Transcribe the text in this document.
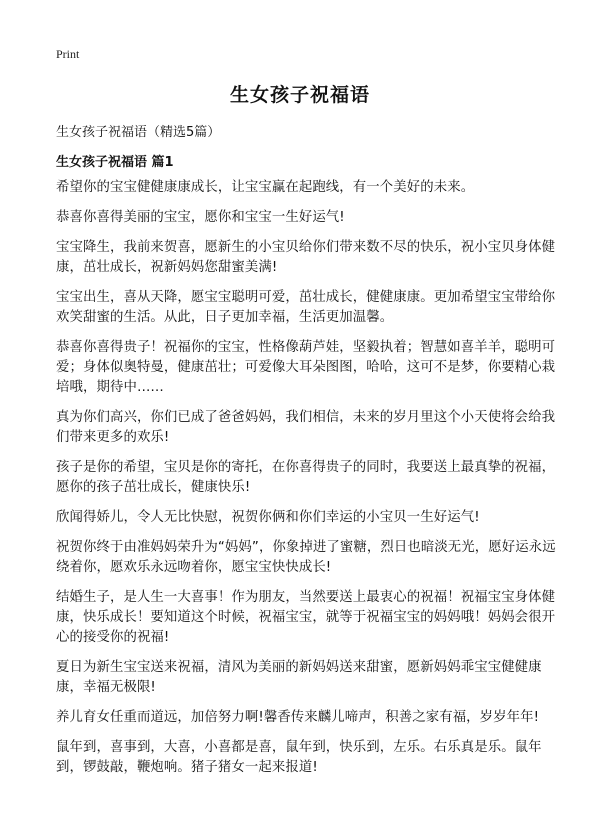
Print
生女孩子祝福语

生女孩子祝福语（精选5篇）

生女孩子祝福语 篇1

希望你的宝宝健健康康成长，让宝宝赢在起跑线，有一个美好的未来。

恭喜你喜得美丽的宝宝，愿你和宝宝一生好运气!

宝宝降生，我前来贺喜，愿新生的小宝贝给你们带来数不尽的快乐，祝小宝贝身体健康，茁壮成长，祝新妈妈您甜蜜美满!

宝宝出生，喜从天降，愿宝宝聪明可爱，茁壮成长，健健康康。更加希望宝宝带给你欢笑甜蜜的生活。从此，日子更加幸福，生活更加温馨。

恭喜你喜得贵子！祝福你的宝宝，性格像葫芦娃，坚毅执着；智慧如喜羊羊，聪明可爱；身体似奥特曼，健康茁壮；可爱像大耳朵图图，哈哈，这可不是梦，你要精心栽培哦，期待中……

真为你们高兴，你们已成了爸爸妈妈，我们相信，未来的岁月里这个小天使将会给我们带来更多的欢乐!

孩子是你的希望，宝贝是你的寄托，在你喜得贵子的同时，我要送上最真挚的祝福，愿你的孩子茁壮成长，健康快乐!

欣闻得娇儿，令人无比快慰，祝贺你俩和你们幸运的小宝贝一生好运气!

祝贺你终于由准妈妈荣升为“妈妈”，你象掉进了蜜糖，烈日也暗淡无光，愿好运永远绕着你，愿欢乐永远吻着你，愿宝宝快快成长!

结婚生子，是人生一大喜事！作为朋友，当然要送上最衷心的祝福！祝福宝宝身体健康，快乐成长！要知道这个时候，祝福宝宝，就等于祝福宝宝的妈妈哦！妈妈会很开心的接受你的祝福!

夏日为新生宝宝送来祝福，清风为美丽的新妈妈送来甜蜜，愿新妈妈乖宝宝健健康康，幸福无极限!

养儿育女任重而道远，加倍努力啊!馨香传来麟儿啼声，积善之家有福，岁岁年年!

鼠年到，喜事到，大喜，小喜都是喜，鼠年到，快乐到，左乐。右乐真是乐。鼠年到，锣鼓敲，鞭炮响。猪子猪女一起来报道!
